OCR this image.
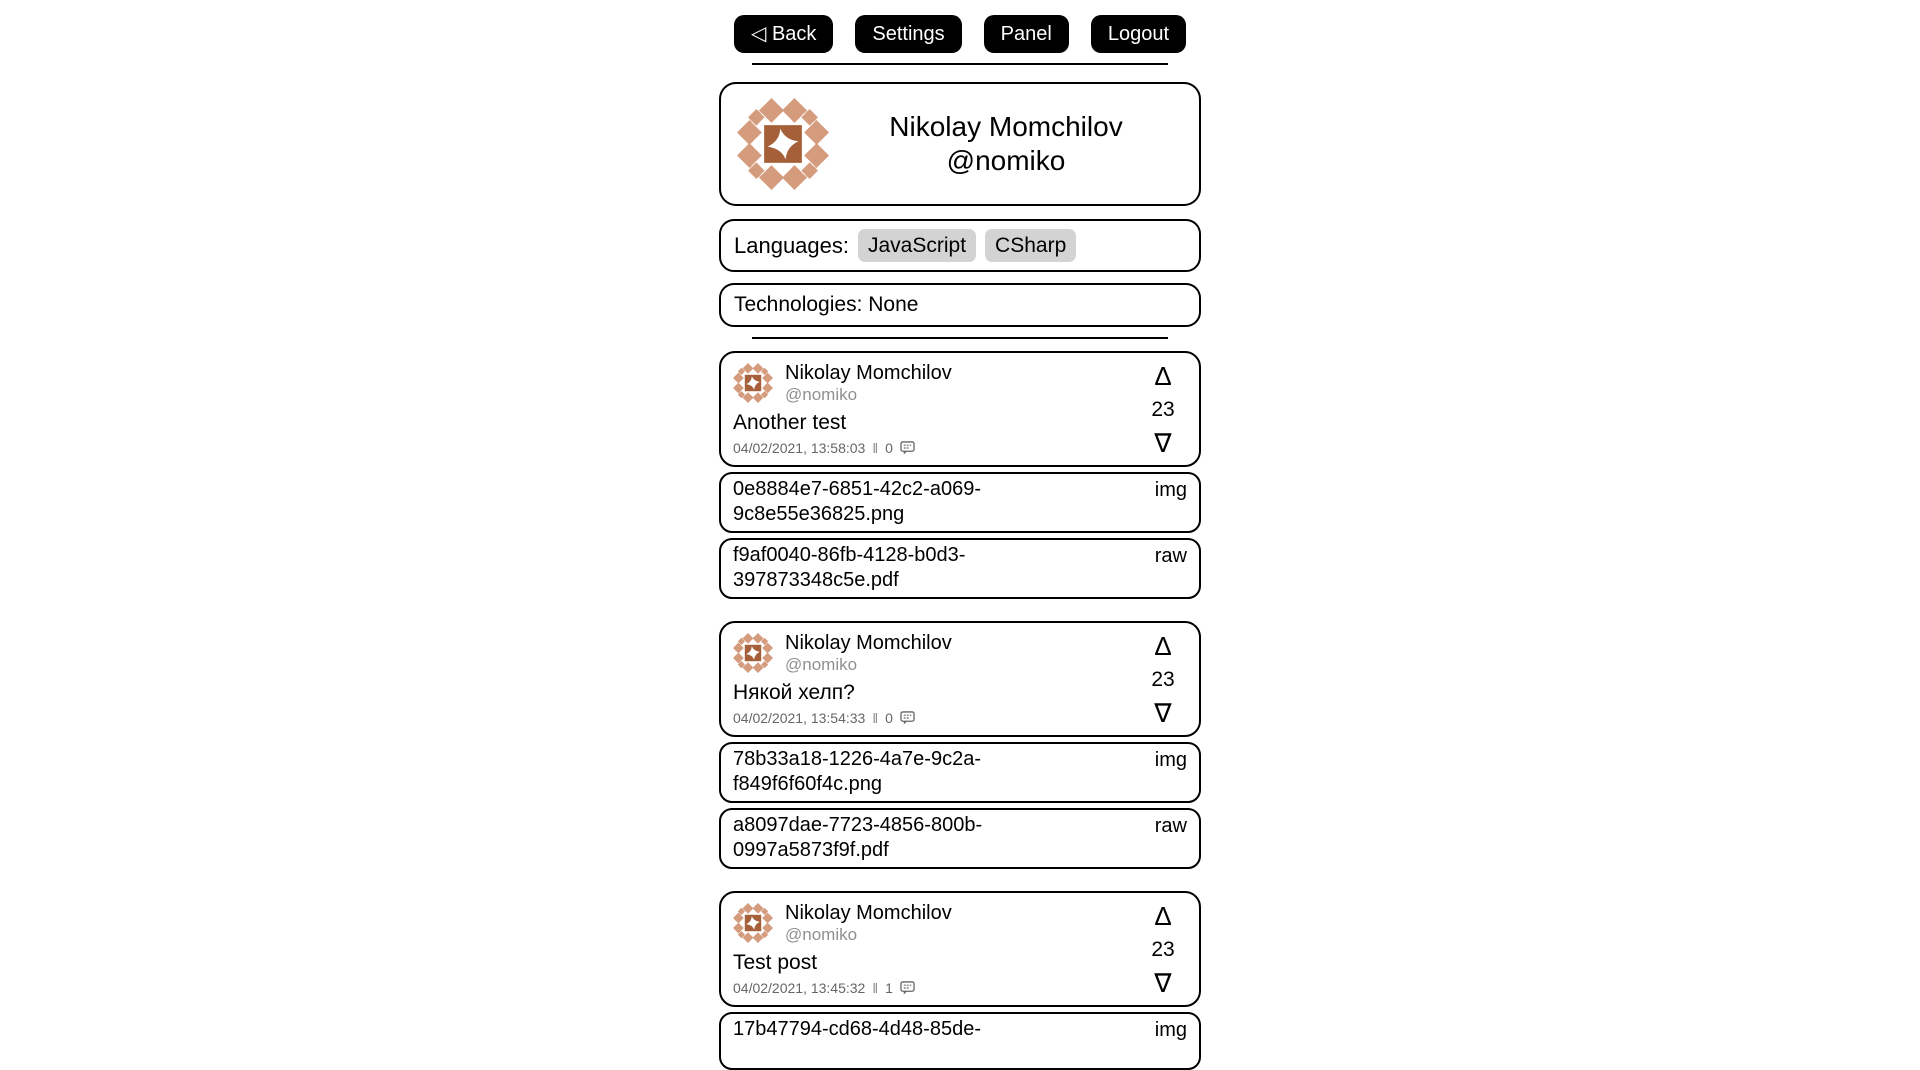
◁ Back	Settings	Panel	Logout
Nikolay Momchilov
@nomiko
Languages: JavaScript	CSharp
Technologies: None
Nikolay Momchilov
@nomiko
Another test
04/02/2021, 13:58:03 ‖ 0
Δ
23
∇
0e8884e7-6851-42c2-a069-
9c8e55e36825.png
img
f9af0040-86fb-4128-b0d3-
397873348c5e.pdf
raw
Nikolay Momchilov
@nomiko
Някой хелп?
04/02/2021, 13:54:33 ‖ 0
Δ
23
∇
78b33a18-1226-4a7e-9c2a-
f849f6f60f4c.png
img
a8097dae-7723-4856-800b-
0997a5873f9f.pdf
raw
Nikolay Momchilov
@nomiko
Test post
04/02/2021, 13:45:32 ‖ 1
Δ
23
∇
17b47794-cd68-4d48-85de-	img
